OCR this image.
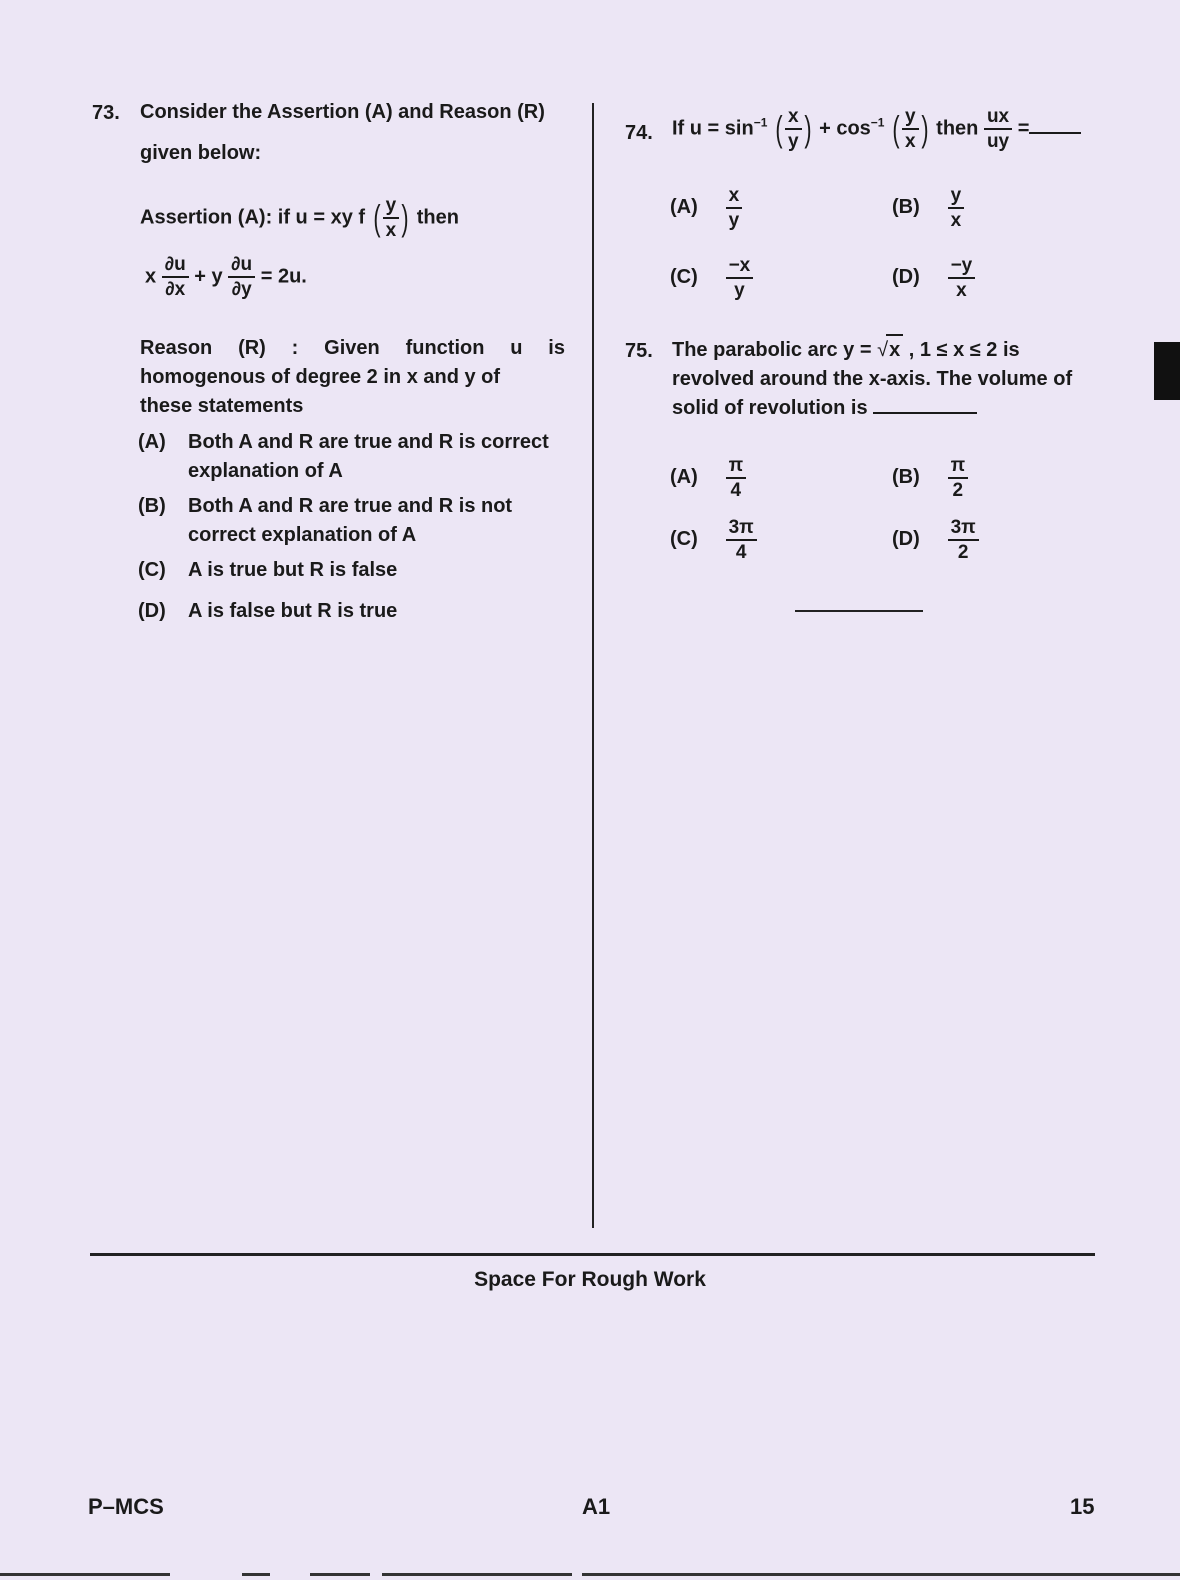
73. Consider the Assertion (A) and Reason (R)
given below:
Assertion (A): if u = xy f ( $\frac{y}{x}$ ) then
x $\frac{\partial u}{\partial x} + y \frac{\partial u}{\partial y} = 2u$.
Reason (R) : Given function u is
homogenous of degree 2 in x and y of
these statements
(A)	Both A and R are true and R is correct
explanation of A
(B)	Both A and R are true and R is not
correct explanation of A
(C)	A is true but R is false
(D)	A is false but R is true
74. If $u = \sin^{-1}$ ( $\frac{x}{y}$ ) + $\cos^{-1}$ ( $\frac{y}{x}$ ) then $\frac{ux}{uy}$ =
$(A) \frac{x}{y}$	$(B) \frac{y}{x}$
$(C) \frac{-x}{y}$	$(D) \frac{-y}{x}$
75. The parabolic arc y = √x , 1 ≤ x ≤ 2 is
revolved around the x-axis. The volume of
solid of revolution is
$(A) \frac{\pi}{4}$	$(B) \frac{\pi}{2}$
$(C) \frac{3\pi}{4}$	$(D) \frac{3\pi}{2}$
Space For Rough Work
P–MCS	A1	15
